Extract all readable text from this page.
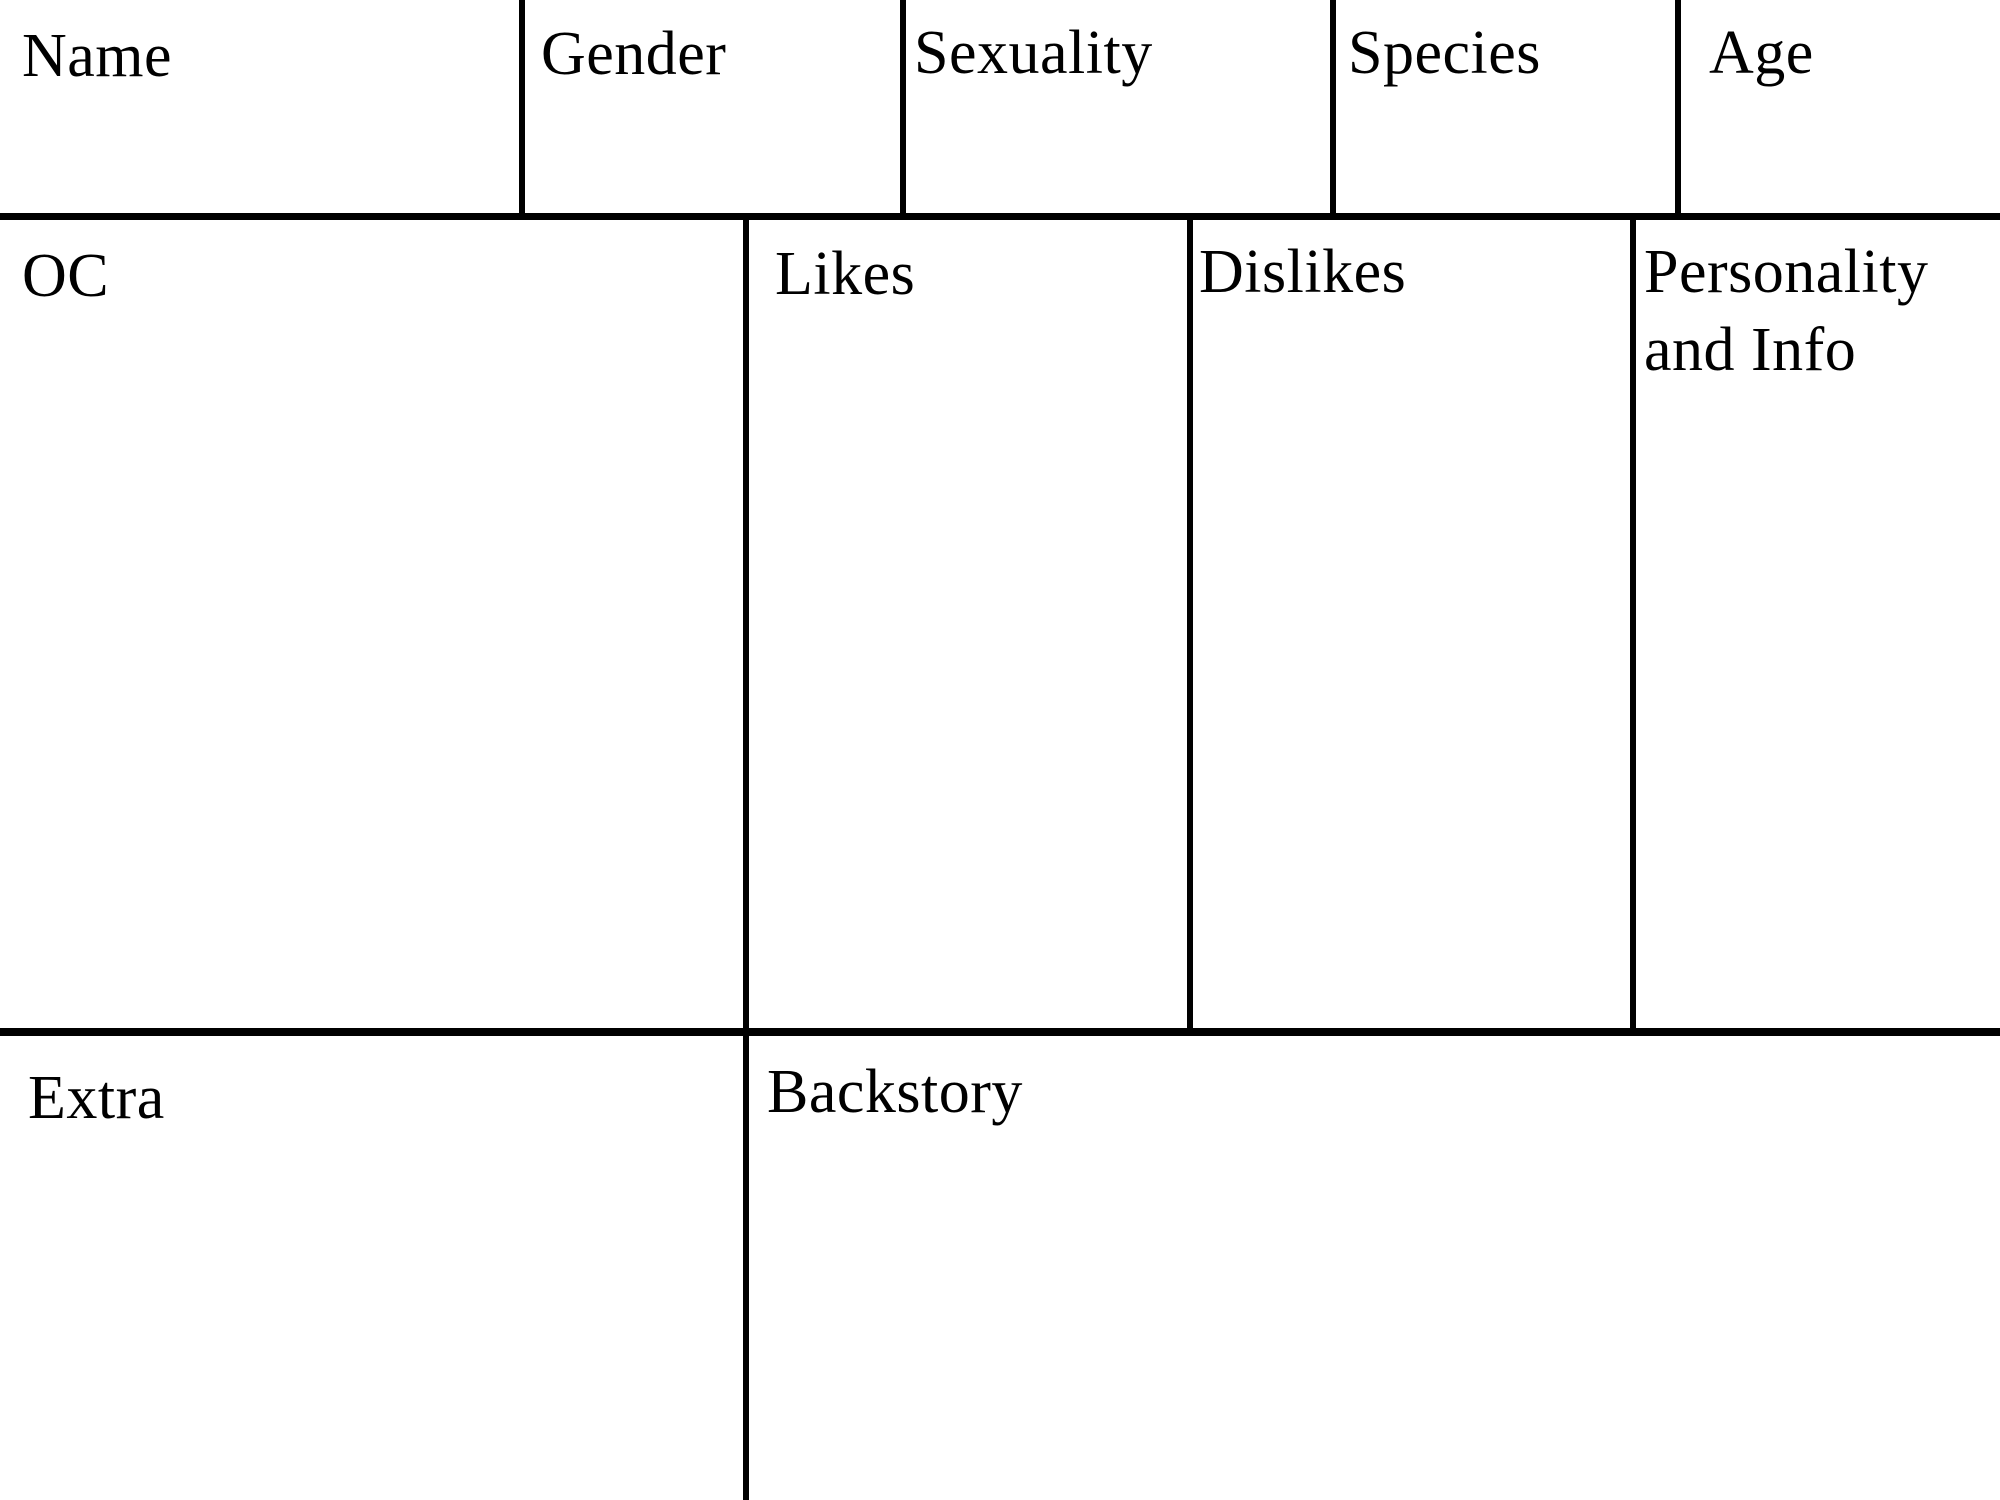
Name	Gender	Sexuality	Species	Age
OC	Likes	Dislikes	Personality and Info
Extra	Backstory
